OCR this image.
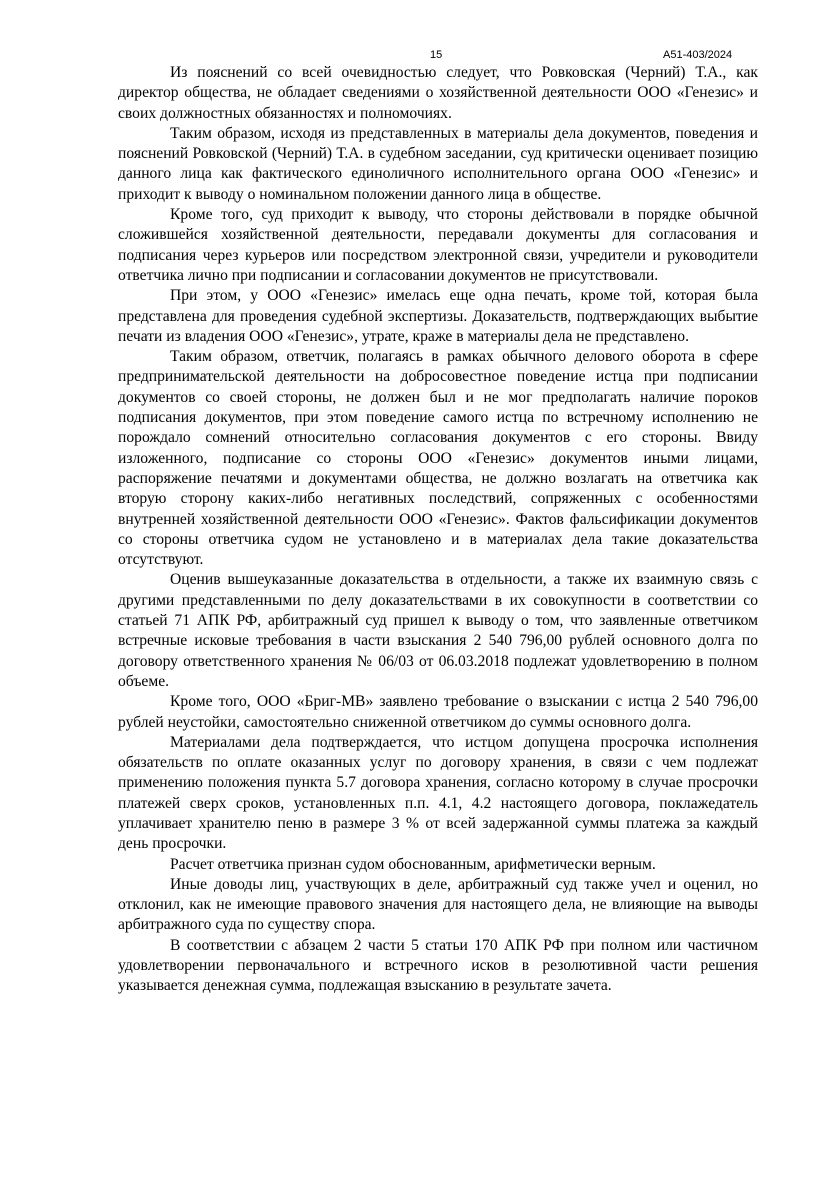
15	А51-403/2024

Из пояснений со всей очевидностью следует, что Ровковская (Черний) Т.А., как директор общества, не обладает сведениями о хозяйственной деятельности ООО «Генезис» и своих должностных обязанностях и полномочиях.

Таким образом, исходя из представленных в материалы дела документов, поведения и пояснений Ровковской (Черний) Т.А. в судебном заседании, суд критически оценивает позицию данного лица как фактического единоличного исполнительного органа ООО «Генезис» и приходит к выводу о номинальном положении данного лица в обществе.

Кроме того, суд приходит к выводу, что стороны действовали в порядке обычной сложившейся хозяйственной деятельности, передавали документы для согласования и подписания через курьеров или посредством электронной связи, учредители и руководители ответчика лично при подписании и согласовании документов не присутствовали.

При этом, у ООО «Генезис» имелась еще одна печать, кроме той, которая была представлена для проведения судебной экспертизы. Доказательств, подтверждающих выбытие печати из владения ООО «Генезис», утрате, краже в материалы дела не представлено.

Таким образом, ответчик, полагаясь в рамках обычного делового оборота в сфере предпринимательской деятельности на добросовестное поведение истца при подписании документов со своей стороны, не должен был и не мог предполагать наличие пороков подписания документов, при этом поведение самого истца по встречному исполнению не порождало сомнений относительно согласования документов с его стороны. Ввиду изложенного, подписание со стороны ООО «Генезис» документов иными лицами, распоряжение печатями и документами общества, не должно возлагать на ответчика как вторую сторону каких-либо негативных последствий, сопряженных с особенностями внутренней хозяйственной деятельности ООО «Генезис». Фактов фальсификации документов со стороны ответчика судом не установлено и в материалах дела такие доказательства отсутствуют.

Оценив вышеуказанные доказательства в отдельности, а также их взаимную связь с другими представленными по делу доказательствами в их совокупности в соответствии со статьей 71 АПК РФ, арбитражный суд пришел к выводу о том, что заявленные ответчиком встречные исковые требования в части взыскания 2 540 796,00 рублей основного долга по договору ответственного хранения № 06/03 от 06.03.2018 подлежат удовлетворению в полном объеме.

Кроме того, ООО «Бриг-МВ» заявлено требование о взыскании с истца 2 540 796,00 рублей неустойки, самостоятельно сниженной ответчиком до суммы основного долга.

Материалами дела подтверждается, что истцом допущена просрочка исполнения обязательств по оплате оказанных услуг по договору хранения, в связи с чем подлежат применению положения пункта 5.7 договора хранения, согласно которому в случае просрочки платежей сверх сроков, установленных п.п. 4.1, 4.2 настоящего договора, поклажедатель уплачивает хранителю пеню в размере 3 % от всей задержанной суммы платежа за каждый день просрочки.

Расчет ответчика признан судом обоснованным, арифметически верным.

Иные доводы лиц, участвующих в деле, арбитражный суд также учел и оценил, но отклонил, как не имеющие правового значения для настоящего дела, не влияющие на выводы арбитражного суда по существу спора.

В соответствии с абзацем 2 части 5 статьи 170 АПК РФ при полном или частичном удовлетворении первоначального и встречного исков в резолютивной части решения указывается денежная сумма, подлежащая взысканию в результате зачета.
